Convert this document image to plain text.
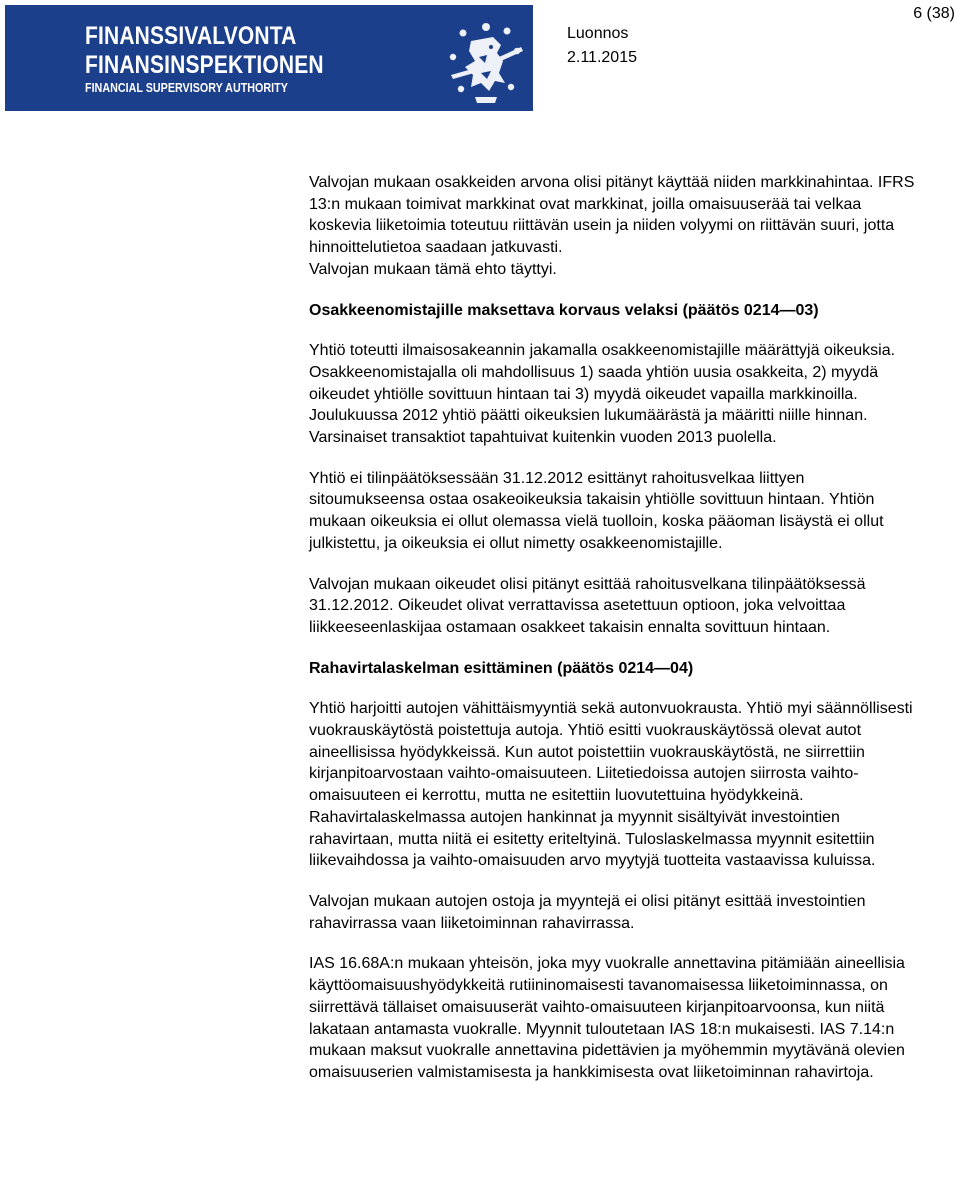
FINANSSIVALVONTA
FINANSINSPEKTIONEN
FINANCIAL SUPERVISORY AUTHORITY
Luonnos
2.11.2015
6 (38)

Valvojan mukaan osakkeiden arvona olisi pitänyt käyttää niiden markkinahintaa. IFRS 13:n mukaan toimivat markkinat ovat markkinat, joilla omaisuuserää tai velkaa koskevia liiketoimia toteutuu riittävän usein ja niiden volyymi on riittävän suuri, jotta hinnoittelutietoa saadaan jatkuvasti.

Valvojan mukaan tämä ehto täyttyi.

Osakkeenomistajille maksettava korvaus velaksi (päätös 0214—03)

Yhtiö toteutti ilmaisosakeannin jakamalla osakkeenomistajille määrättyjä oikeuksia. Osakkeenomistajalla oli mahdollisuus 1) saada yhtiön uusia osakkeita, 2) myydä oikeudet yhtiölle sovittuun hintaan tai 3) myydä oikeudet vapailla markkinoilla. Joulukuussa 2012 yhtiö päätti oikeuksien lukumäärästä ja määritti niille hinnan. Varsinaiset transaktiot tapahtuivat kuitenkin vuoden 2013 puolella.

Yhtiö ei tilinpäätöksessään 31.12.2012 esittänyt rahoitusvelkaa liittyen sitoumukseensa ostaa osakeoikeuksia takaisin yhtiölle sovittuun hintaan. Yhtiön mukaan oikeuksia ei ollut olemassa vielä tuolloin, koska pääoman lisäystä ei ollut julkistettu, ja oikeuksia ei ollut nimetty osakkeenomistajille.

Valvojan mukaan oikeudet olisi pitänyt esittää rahoitusvelkana tilinpäätöksessä 31.12.2012. Oikeudet olivat verrattavissa asetettuun optioon, joka velvoittaa liikkeeseenlaskijaa ostamaan osakkeet takaisin ennalta sovittuun hintaan.

Rahavirtalaskelman esittäminen (päätös 0214—04)

Yhtiö harjoitti autojen vähittäismyyntiä sekä autonvuokrausta. Yhtiö myi säännöllisesti vuokrauskäytöstä poistettuja autoja. Yhtiö esitti vuokrauskäytössä olevat autot aineellisissa hyödykkeissä. Kun autot poistettiin vuokrauskäytöstä, ne siirrettiin kirjanpitoarvostaan vaihto-omaisuuteen. Liitetiedoissa autojen siirrosta vaihto-omaisuuteen ei kerrottu, mutta ne esitettiin luovutettuina hyödykkeinä. Rahavirtalaskelmassa autojen hankinnat ja myynnit sisältyivät investointien rahavirtaan, mutta niitä ei esitetty eriteltyinä. Tuloslaskelmassa myynnit esitettiin liikevaihdossa ja vaihto-omaisuuden arvo myytyjä tuotteita vastaavissa kuluissa.

Valvojan mukaan autojen ostoja ja myyntejä ei olisi pitänyt esittää investointien rahavirrassa vaan liiketoiminnan rahavirrassa.

IAS 16.68A:n mukaan yhteisön, joka myy vuokralle annettavina pitämiään aineellisia käyttöomaisuushyödykkeitä rutiininomaisesti tavanomaisessa liiketoiminnassa, on siirrettävä tällaiset omaisuuserät vaihto-omaisuuteen kirjanpitoarvoonsa, kun niitä lakataan antamasta vuokralle. Myynnit tuloutetaan IAS 18:n mukaisesti. IAS 7.14:n mukaan maksut vuokralle annettavina pidettävien ja myöhemmin myytävänä olevien omaisuuserien valmistamisesta ja hankkimisesta ovat liiketoiminnan rahavirtoja.
